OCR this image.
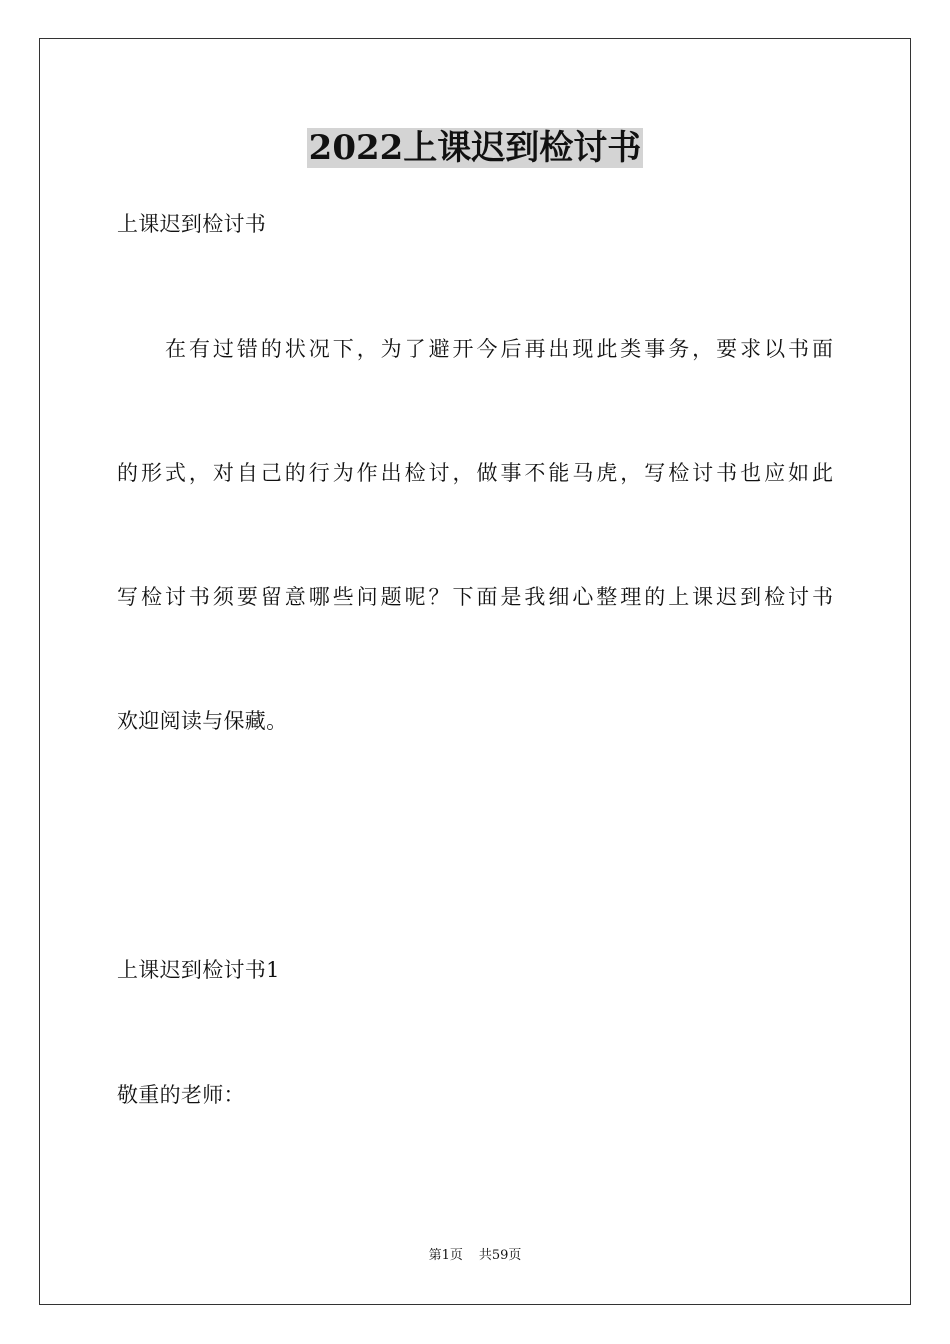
2022上课迟到检讨书

上课迟到检讨书

在有过错的状况下，为了避开今后再出现此类事务，要求以书面

的形式，对自己的行为作出检讨，做事不能马虎，写检讨书也应如此

写检讨书须要留意哪些问题呢？下面是我细心整理的上课迟到检讨书

欢迎阅读与保藏。

上课迟到检讨书1

敬重的老师：

第1页 共59页
